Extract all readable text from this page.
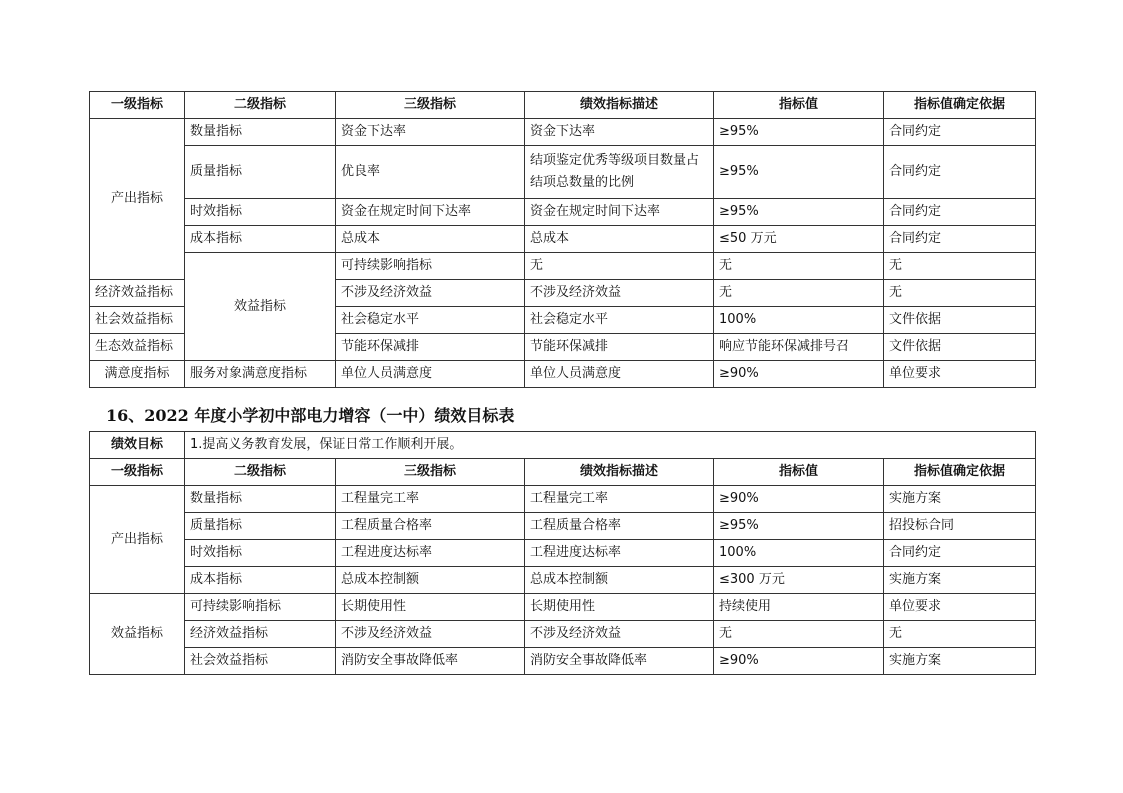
一级指标	二级指标	三级指标	绩效指标描述	指标值	指标值确定依据	
产出指标	数量指标	资金下达率	资金下达率	≥95%	合同约定	
	质量指标	优良率	结项鉴定优秀等级项目数量占结项总数量的比例	≥95%	合同约定	
	时效指标	资金在规定时间下达率	资金在规定时间下达率	≥95%	合同约定	
	成本指标	总成本	总成本	≤50 万元	合同约定	
	效益指标	可持续影响指标	无	无	无	
经济效益指标		不涉及经济效益	不涉及经济效益	无	无	
社会效益指标		社会稳定水平	社会稳定水平	100%	文件依据	
生态效益指标		节能环保减排	节能环保减排	响应节能环保减排号召	文件依据	
满意度指标	服务对象满意度指标	单位人员满意度	单位人员满意度	≥90%	单位要求	
16、2022 年度小学初中部电力增容（一中）绩效目标表
绩效目标	1.提高义务教育发展，保证日常工作顺利开展。				
一级指标	二级指标	三级指标	绩效指标描述	指标值	指标值确定依据
产出指标	数量指标	工程量完工率	工程量完工率	≥90%	实施方案
	质量指标	工程质量合格率	工程质量合格率	≥95%	招投标合同
	时效指标	工程进度达标率	工程进度达标率	100%	合同约定
	成本指标	总成本控制额	总成本控制额	≤300 万元	实施方案
效益指标	可持续影响指标	长期使用性	长期使用性	持续使用	单位要求
	经济效益指标	不涉及经济效益	不涉及经济效益	无	无
	社会效益指标	消防安全事故降低率	消防安全事故降低率	≥90%	实施方案
